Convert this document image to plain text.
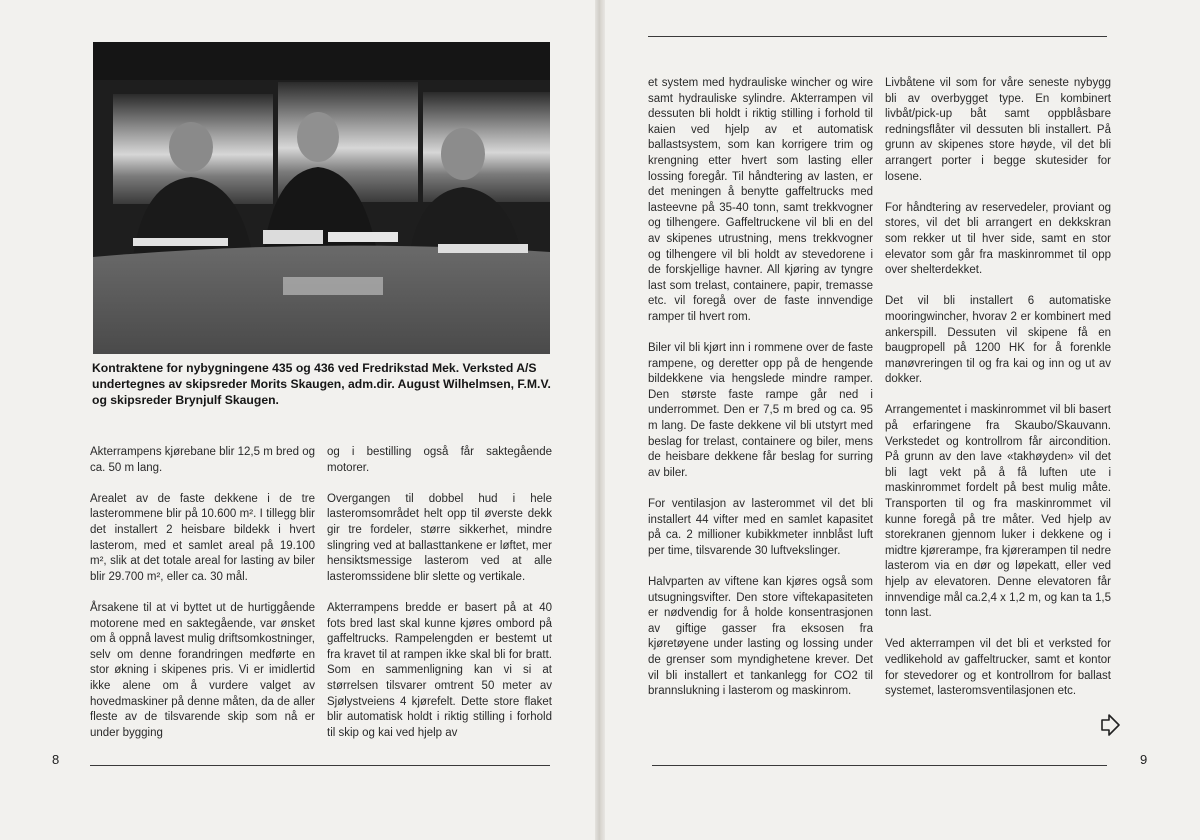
Kontraktene for nybygningene 435 og 436 ved Fredrikstad Mek. Verksted A/S undertegnes av skipsreder Morits Skaugen, adm.dir. August Wilhelmsen, F.M.V. og skipsreder Brynjulf Skaugen.

Akterrampens kjørebane blir 12,5 m bred og ca. 50 m lang.

Arealet av de faste dekkene i de tre lasterommene blir på 10.600 m². I tillegg blir det installert 2 heisbare bildekk i hvert lasterom, med et samlet areal på 19.100 m², slik at det totale areal for lasting av biler blir 29.700 m², eller ca. 30 mål.

Årsakene til at vi byttet ut de hurtiggående motorene med en saktegående, var ønsket om å oppnå lavest mulig driftsomkostninger, selv om denne forandringen medførte en stor økning i skipenes pris. Vi er imidlertid ikke alene om å vurdere valget av hovedmaskiner på denne måten, da de aller fleste av de tilsvarende skip som nå er under bygging

og i bestilling også får saktegående motorer.

Overgangen til dobbel hud i hele lasteromsområdet helt opp til øverste dekk gir tre fordeler, større sikkerhet, mindre slingring ved at ballasttankene er løftet, mer hensiktsmessige lasterom ved at alle lasteromssidene blir slette og vertikale.

Akterrampens bredde er basert på at 40 fots bred last skal kunne kjøres ombord på gaffeltrucks. Rampelengden er bestemt ut fra kravet til at rampen ikke skal bli for bratt. Som en sammenligning kan vi si at størrelsen tilsvarer omtrent 50 meter av Sjølystveiens 4 kjørefelt. Dette store flaket blir automatisk holdt i riktig stilling i forhold til skip og kai ved hjelp av

8

et system med hydrauliske wincher og wire samt hydrauliske sylindre. Akterrampen vil dessuten bli holdt i riktig stilling i forhold til kaien ved hjelp av et automatisk ballastsystem, som kan korrigere trim og krengning etter hvert som lasting eller lossing foregår. Til håndtering av lasten, er det meningen å benytte gaffeltrucks med lasteevne på 35-40 tonn, samt trekkvogner og tilhengere. Gaffeltruckene vil bli en del av skipenes utrustning, mens trekkvogner og tilhengere vil bli holdt av stevedorene i de forskjellige havner. All kjøring av tyngre last som trelast, containere, papir, tremasse etc. vil foregå over de faste innvendige ramper til hvert rom.

Biler vil bli kjørt inn i rommene over de faste rampene, og deretter opp på de hengende bildekkene via hengslede mindre ramper. Den største faste rampe går ned i underrommet. Den er 7,5 m bred og ca. 95 m lang. De faste dekkene vil bli utstyrt med beslag for trelast, containere og biler, mens de heisbare dekkene får beslag for surring av biler.

For ventilasjon av lasterommet vil det bli installert 44 vifter med en samlet kapasitet på ca. 2 millioner kubikkmeter innblåst luft per time, tilsvarende 30 luftvekslinger.

Halvparten av viftene kan kjøres også som utsugningsvifter. Den store viftekapasiteten er nødvendig for å holde konsentrasjonen av giftige gasser fra eksosen fra kjøretøyene under lasting og lossing under de grenser som myndighetene krever. Det vil bli installert et tankanlegg for CO2 til brannslukning i lasterom og maskinrom.

Livbåtene vil som for våre seneste nybygg bli av overbygget type. En kombinert livbåt/pick-up båt samt oppblåsbare redningsflåter vil dessuten bli installert. På grunn av skipenes store høyde, vil det bli arrangert porter i begge skutesider for losene.

For håndtering av reservedeler, proviant og stores, vil det bli arrangert en dekkskran som rekker ut til hver side, samt en stor elevator som går fra maskinrommet til opp over shelterdekket.

Det vil bli installert 6 automatiske mooringwincher, hvorav 2 er kombinert med ankerspill. Dessuten vil skipene få en baugpropell på 1200 HK for å forenkle manøvreringen til og fra kai og inn og ut av dokker.

Arrangementet i maskinrommet vil bli basert på erfaringene fra Skaubo/Skauvann. Verkstedet og kontrollrom får aircondition. På grunn av den lave «takhøyden» vil det bli lagt vekt på å få luften ute i maskinrommet fordelt på best mulig måte. Transporten til og fra maskinrommet vil kunne foregå på tre måter. Ved hjelp av storekranen gjennom luker i dekkene og i midtre kjørerampe, fra kjørerampen til nedre lasterom via en dør og løpekatt, eller ved hjelp av elevatoren. Denne elevatoren får innvendige mål ca.2,4 x 1,2 m, og kan ta 1,5 tonn last.

Ved akterrampen vil det bli et verksted for vedlikehold av gaffeltrucker, samt et kontor for stevedorer og et kontrollrom for ballast systemet, lasteromsventilasjonen etc.

9
